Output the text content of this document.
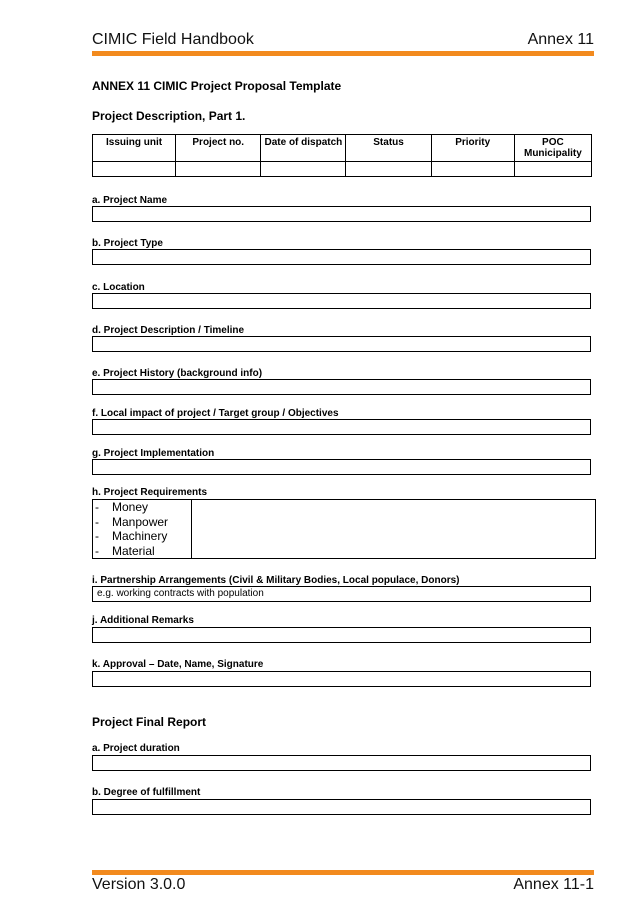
CIMIC Field Handbook	Annex 11
ANNEX 11 CIMIC Project Proposal Template
Project Description, Part 1.
Issuing unit	Project no.	Date of dispatch	Status	Priority	POC Municipality

a. Project Name
b. Project Type
c. Location
d. Project Description / Timeline
e. Project History (background info)
f. Local impact of project / Target group / Objectives
g. Project Implementation
h. Project Requirements
- Money
- Manpower
- Machinery
- Material
i. Partnership Arrangements (Civil & Military Bodies, Local populace, Donors)
e.g. working contracts with population
j. Additional Remarks
k. Approval – Date, Name, Signature
Project Final Report
a. Project duration
b. Degree of fulfillment
Version 3.0.0	Annex 11-1
